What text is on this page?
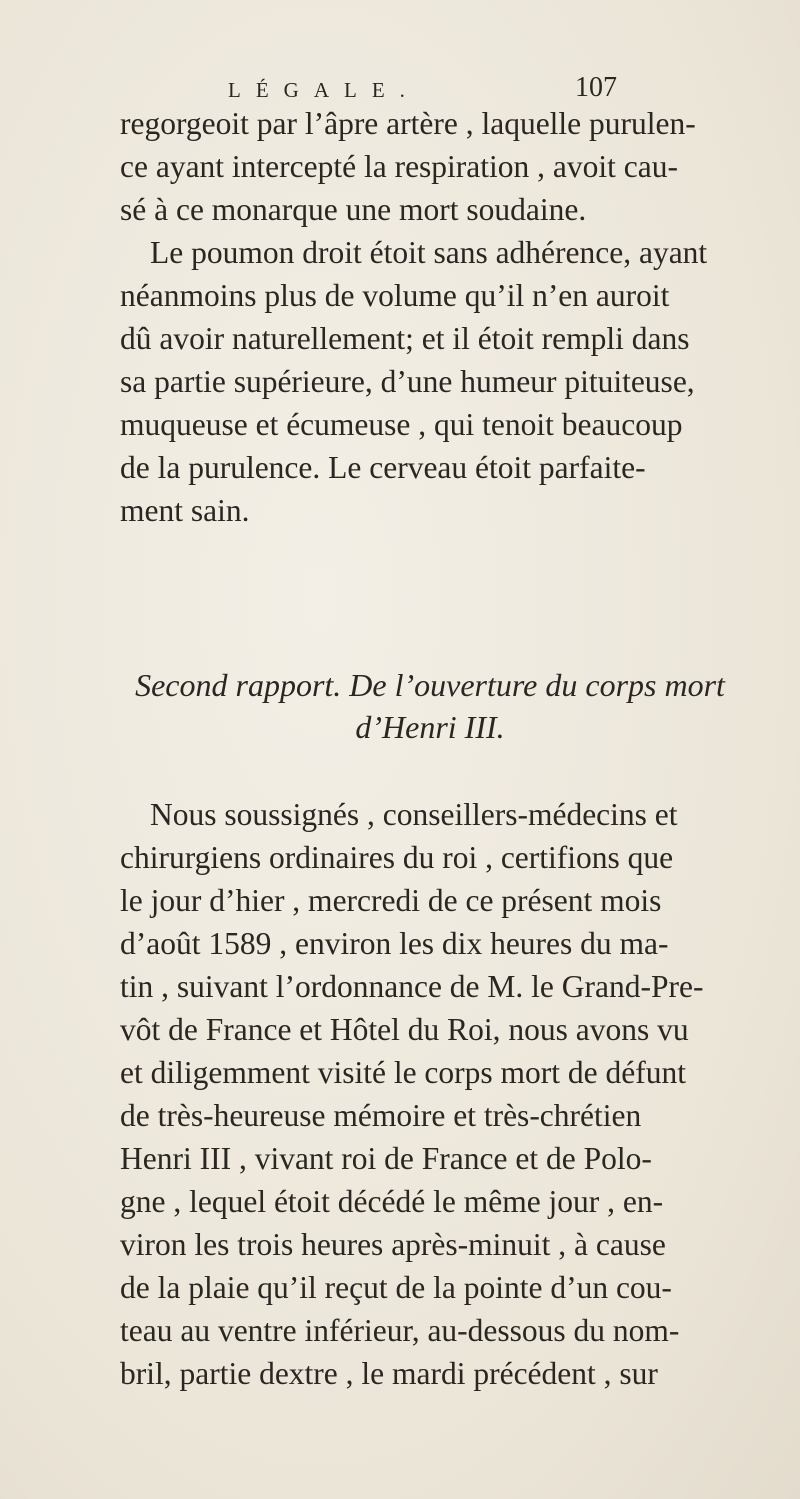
LÉGALE.	107
regorgeoit par l’âpre artère , laquelle purulen-
ce ayant intercepté la respiration , avoit cau-
sé à ce monarque une mort soudaine.
Le poumon droit étoit sans adhérence, ayant
néanmoins plus de volume qu’il n’en auroit
dû avoir naturellement; et il étoit rempli dans
sa partie supérieure, d’une humeur pituiteuse,
muqueuse et écumeuse , qui tenoit beaucoup
de la purulence. Le cerveau étoit parfaite-
ment sain.
Second rapport. De l’ouverture du corps mort
d’Henri III.
Nous soussignés , conseillers-médecins et
chirurgiens ordinaires du roi , certifions que
le jour d’hier , mercredi de ce présent mois
d’août 1589 , environ les dix heures du ma-
tin , suivant l’ordonnance de M. le Grand-Pre-
vôt de France et Hôtel du Roi, nous avons vu
et diligemment visité le corps mort de défunt
de très-heureuse mémoire et très-chrétien
Henri III , vivant roi de France et de Polo-
gne , lequel étoit décédé le même jour , en-
viron les trois heures après-minuit , à cause
de la plaie qu’il reçut de la pointe d’un cou-
teau au ventre inférieur, au-dessous du nom-
bril, partie dextre , le mardi précédent , sur
